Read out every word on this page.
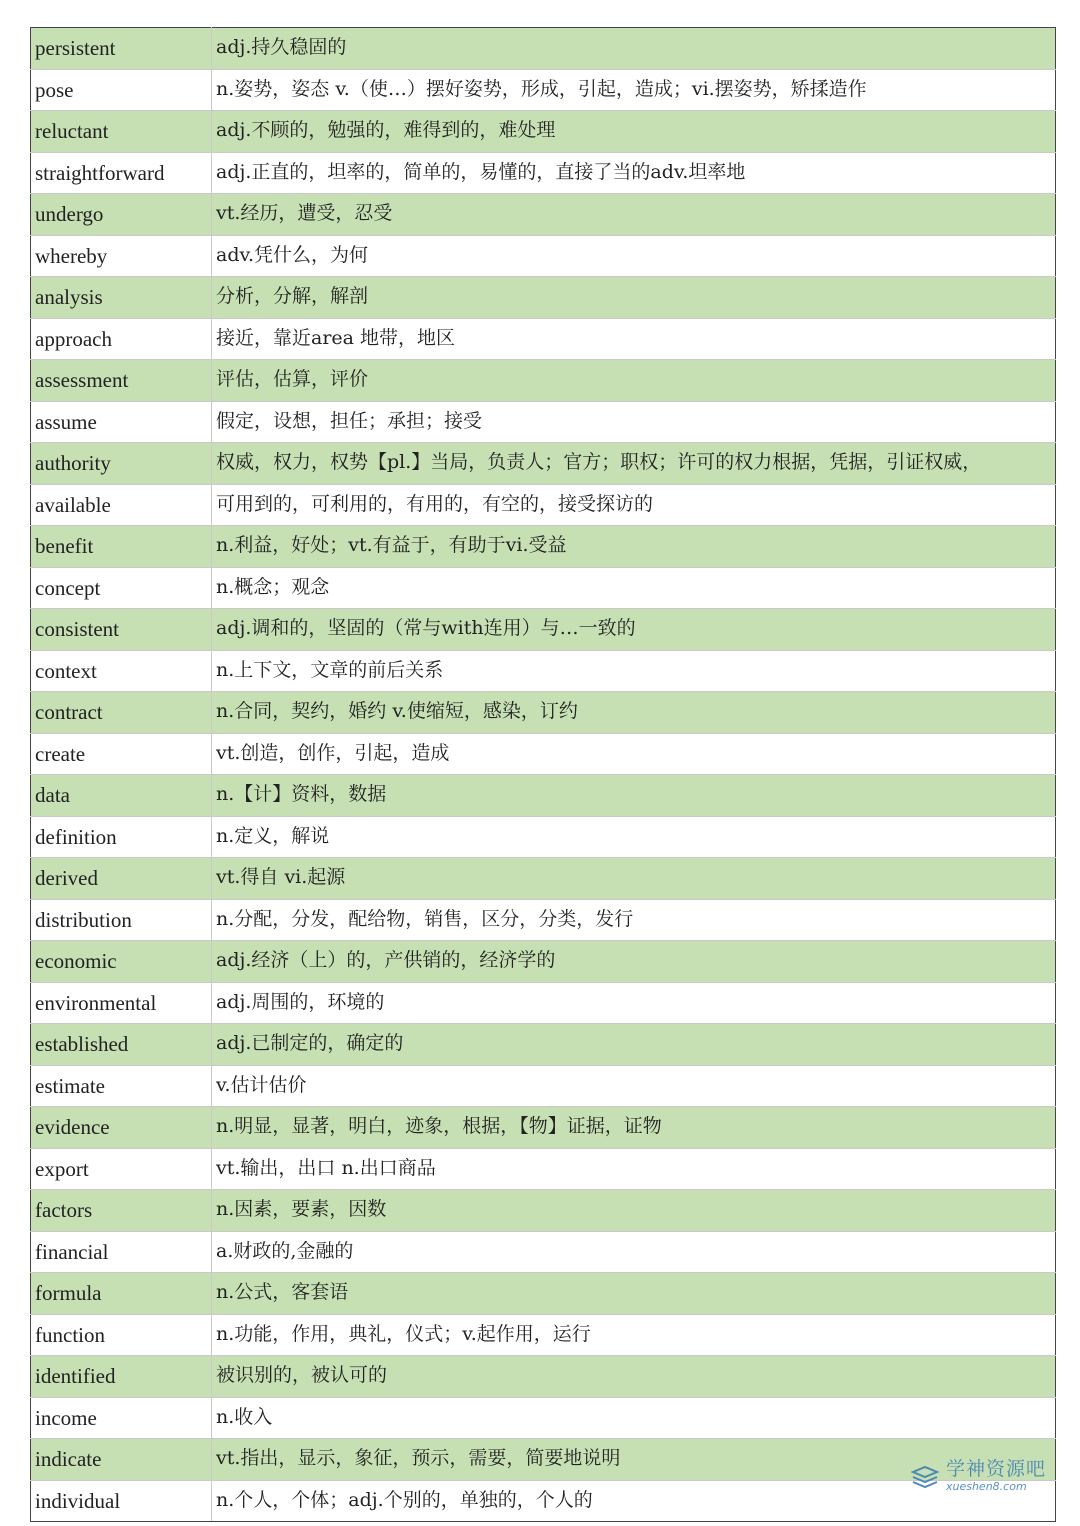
persistent	adj.持久稳固的
pose	n.姿势，姿态 v.（使…）摆好姿势，形成，引起，造成；vi.摆姿势，矫揉造作
reluctant	adj.不顾的，勉强的，难得到的，难处理
straightforward	adj.正直的，坦率的，简单的，易懂的，直接了当的adv.坦率地
undergo	vt.经历，遭受，忍受
whereby	adv.凭什么，为何
analysis	分析，分解，解剖
approach	接近，靠近area 地带，地区
assessment	评估，估算，评价
assume	假定，设想，担任；承担；接受
authority	权威，权力，权势【pl.】当局，负责人；官方；职权；许可的权力根据，凭据，引证权威，
available	可用到的，可利用的，有用的，有空的，接受探访的
benefit	n.利益，好处；vt.有益于，有助于vi.受益
concept	n.概念；观念
consistent	adj.调和的，坚固的（常与with连用）与…一致的
context	n.上下文，文章的前后关系
contract	n.合同，契约，婚约 v.使缩短，感染，订约
create	vt.创造，创作，引起，造成
data	n.【计】资料，数据
definition	n.定义，解说
derived	vt.得自 vi.起源
distribution	n.分配，分发，配给物，销售，区分，分类，发行
economic	adj.经济（上）的，产供销的，经济学的
environmental	adj.周围的，环境的
established	adj.已制定的，确定的
estimate	v.估计估价
evidence	n.明显，显著，明白，迹象，根据，【物】证据，证物
export	vt.输出，出口 n.出口商品
factors	n.因素，要素，因数
financial	a.财政的,金融的
formula	n.公式，客套语
function	n.功能，作用，典礼，仪式；v.起作用，运行
identified	被识别的，被认可的
income	n.收入
indicate	vt.指出，显示，象征，预示，需要，简要地说明
individual	n.个人，个体；adj.个别的，单独的，个人的
学神资源吧
xueshen8.com
